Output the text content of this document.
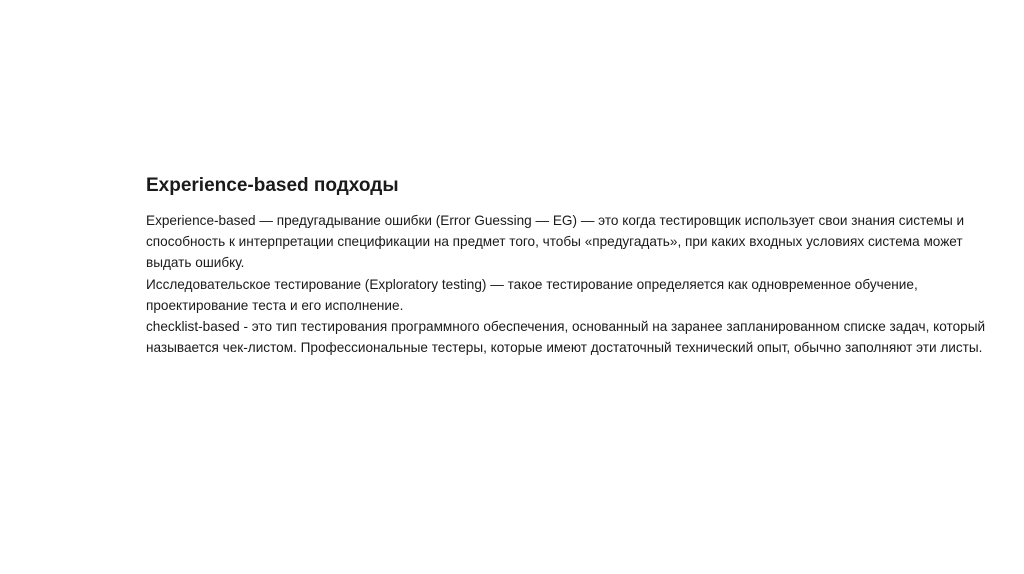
Experience-based подходы

Experience-based — предугадывание ошибки (Error Guessing — EG) — это когда тестировщик использует свои знания системы и способность к интерпретации спецификации на предмет того, чтобы «предугадать», при каких входных условиях система может выдать ошибку.

Исследовательское тестирование (Exploratory testing) — такое тестирование определяется как одновременное обучение, проектирование теста и его исполнение.

checklist-based - это тип тестирования программного обеспечения, основанный на заранее запланированном списке задач, который называется чек-листом. Профессиональные тестеры, которые имеют достаточный технический опыт, обычно заполняют эти листы.
